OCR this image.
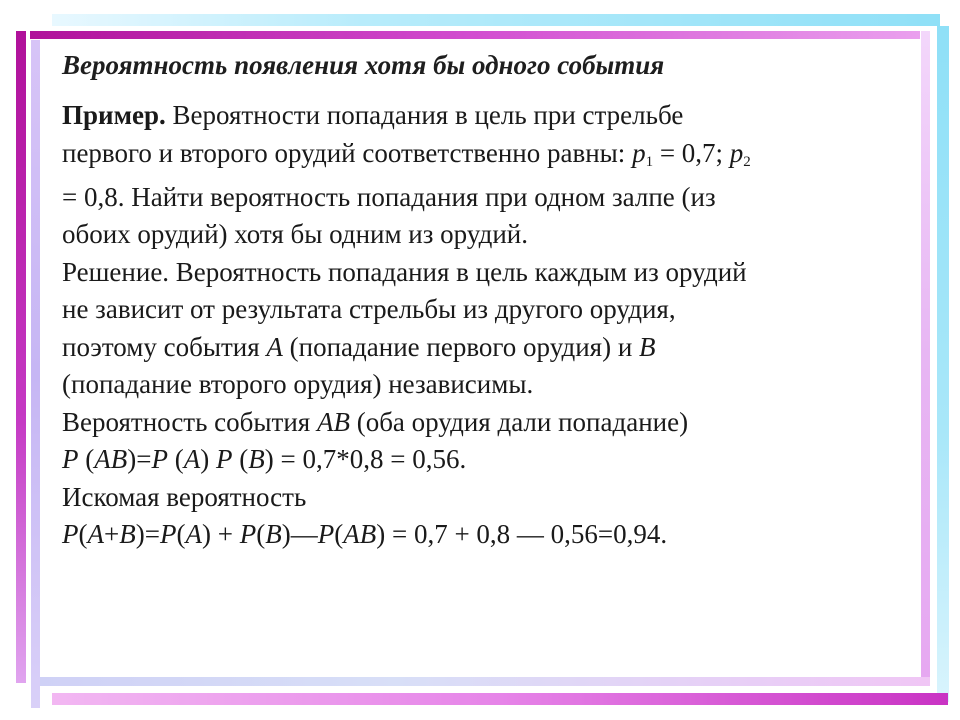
Вероятность появления хотя бы одного события
Пример. Вероятности попадания в цель при стрельбе
первого и второго орудий соответственно равны: $p_1 = 0,7$; $p_2$
= 0,8. Найти вероятность попадания при одном залпе (из
обоих орудий) хотя бы одним из орудий.
Решение. Вероятность попадания в цель каждым из орудий
не зависит от результата стрельбы из другого орудия,
поэтому события A (попадание первого орудия) и B
(попадание второго орудия) независимы.
Вероятность события AB (оба орудия дали попадание)
P (AB)=P (A) P (B) = 0,7*0,8 = 0,56.
Искомая вероятность
P(A+B)=P(A) + P(B)—P(AB) = 0,7 + 0,8 — 0,56=0,94.
